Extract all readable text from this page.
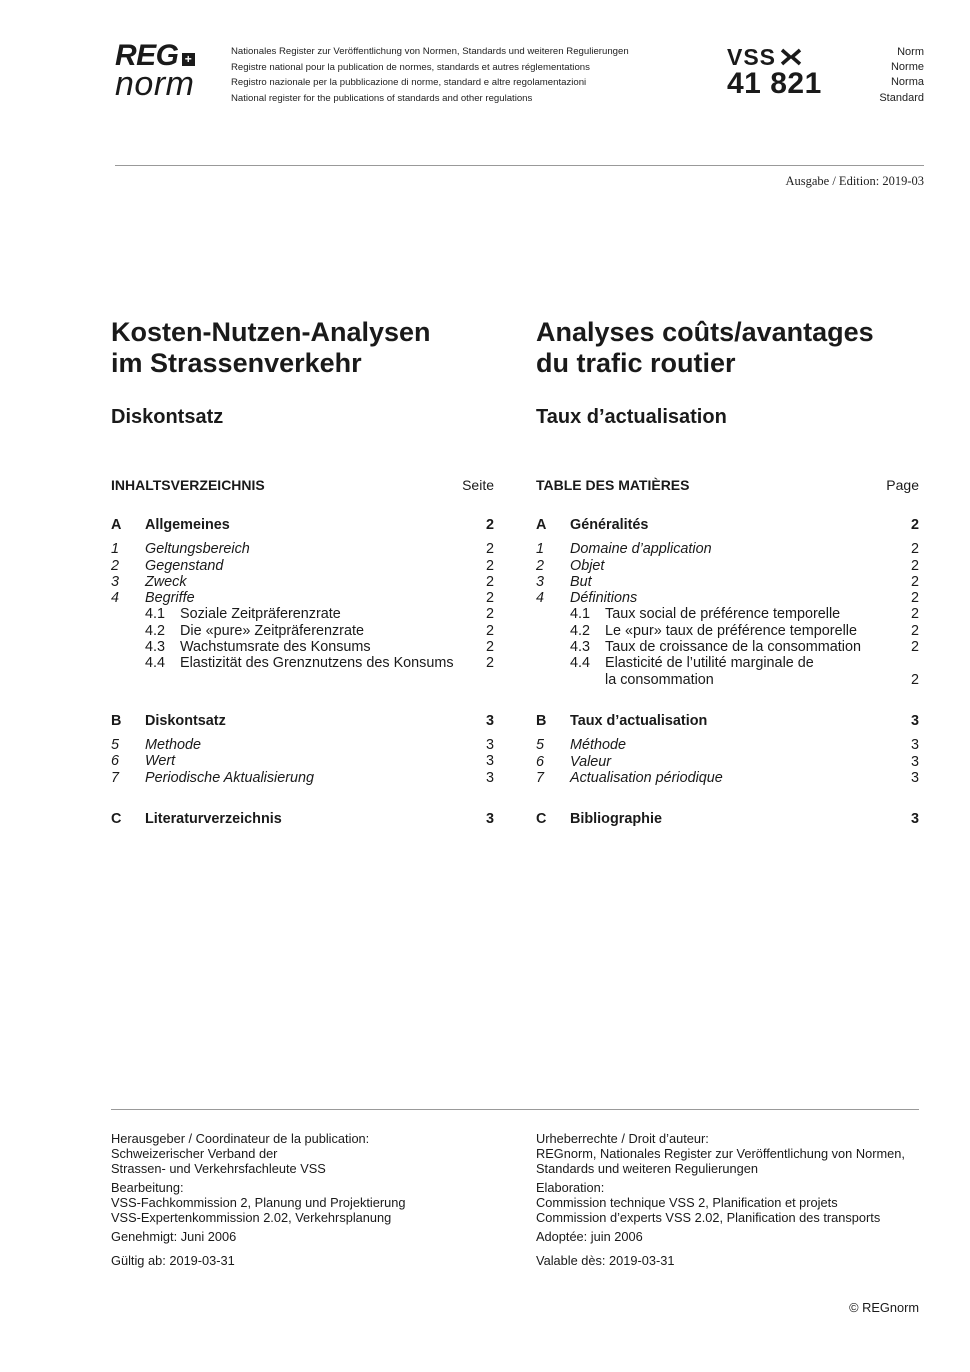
REG +
norm
Nationales Register zur Veröffentlichung von Normen, Standards und weiteren Regulierungen
Registre national pour la publication de normes, standards et autres réglementations
Registro nazionale per la pubblicazione di norme, standard e altre regolamentazioni
National register for the publications of standards and other regulations
VSS
41 821
Norm
Norme
Norma
Standard
Ausgabe / Edition: 2019-03
Kosten-Nutzen-Analysen
im Strassenverkehr
Analyses coûts/avantages
du trafic routier
Diskontsatz	Taux d’actualisation
INHALTSVERZEICHNIS	Seite
A	Allgemeines	2
1	Geltungsbereich	2
2	Gegenstand	2
3	Zweck	2
4	Begriffe	2
4.1	Soziale Zeitpräferenzrate	2
4.2	Die «pure» Zeitpräferenzrate	2
4.3	Wachstumsrate des Konsums	2
4.4	Elastizität des Grenznutzens des Konsums	2
B	Diskontsatz	3
5	Methode	3
6	Wert	3
7	Periodische Aktualisierung	3
C	Literaturverzeichnis	3
TABLE DES MATIÈRES	Page
A	Généralités	2
1	Domaine d’application	2
2	Objet	2
3	But	2
4	Définitions	2
4.1	Taux social de préférence temporelle	2
4.2	Le «pur» taux de préférence temporelle	2
4.3	Taux de croissance de la consommation	2
4.4	Elasticité de l’utilité marginale de
la consommation	2
B	Taux d’actualisation	3
5	Méthode	3
6	Valeur	3
7	Actualisation périodique	3
C	Bibliographie	3
Herausgeber / Coordinateur de la publication:
Schweizerischer Verband der
Strassen- und Verkehrsfachleute VSS
Bearbeitung:
VSS-Fachkommission 2, Planung und Projektierung
VSS-Expertenkommission 2.02, Verkehrsplanung
Genehmigt: Juni 2006
Gültig ab: 2019-03-31
Urheberrechte / Droit d’auteur:
REGnorm, Nationales Register zur Veröffentlichung von Normen,
Standards und weiteren Regulierungen
Elaboration:
Commission technique VSS 2, Planification et projets
Commission d’experts VSS 2.02, Planification des transports
Adoptée: juin 2006
Valable dès: 2019-03-31
© REGnorm
